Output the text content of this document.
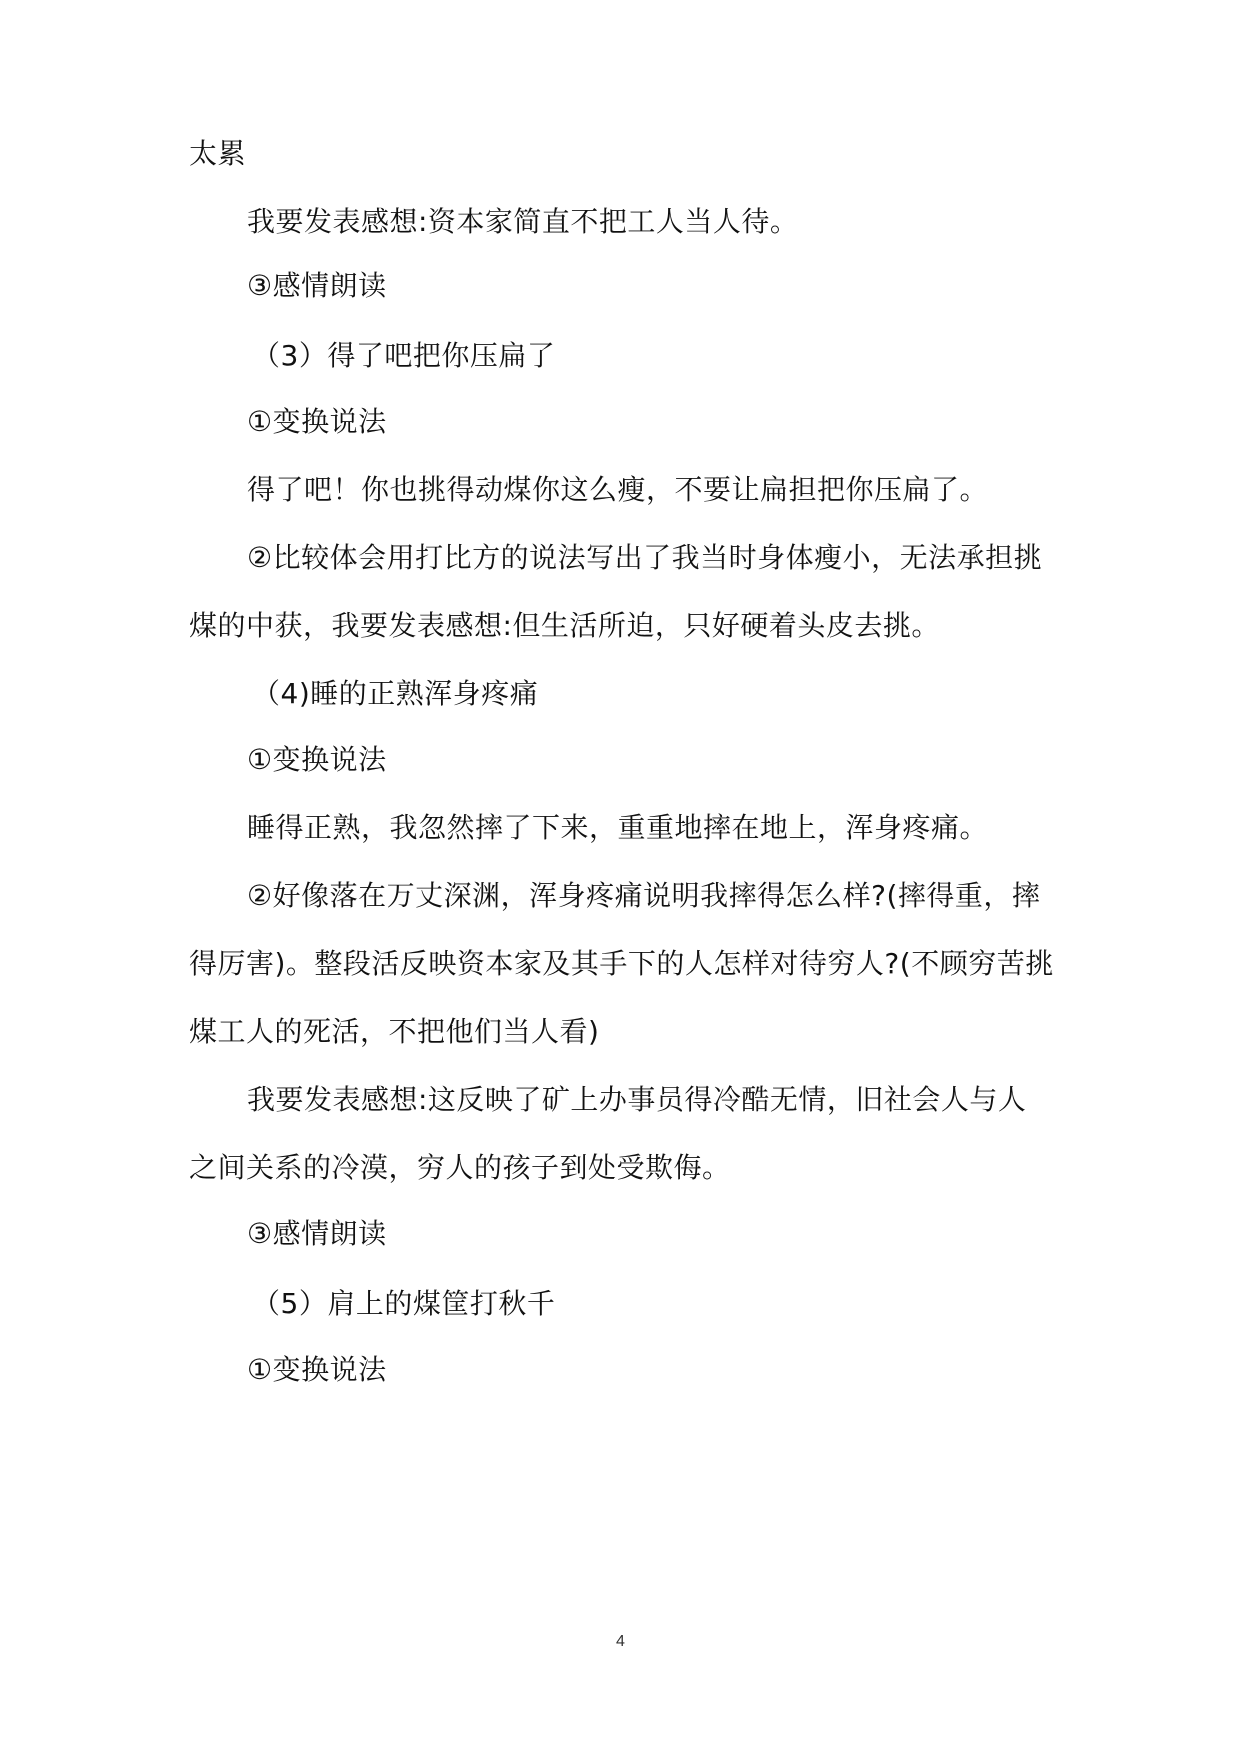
太累
我要发表感想:资本家简直不把工人当人待。
③感情朗读
（3）得了吧把你压扁了
①变换说法
得了吧！你也挑得动煤你这么瘦，不要让扁担把你压扁了。
②比较体会用打比方的说法写出了我当时身体瘦小，无法承担挑
煤的中获，我要发表感想:但生活所迫，只好硬着头皮去挑。
（4)睡的正熟浑身疼痛
①变换说法
睡得正熟，我忽然摔了下来，重重地摔在地上，浑身疼痛。
②好像落在万丈深渊，浑身疼痛说明我摔得怎么样?(摔得重，摔
得厉害)。整段活反映资本家及其手下的人怎样对待穷人?(不顾穷苦挑
煤工人的死活，不把他们当人看)
我要发表感想:这反映了矿上办事员得冷酷无情，旧社会人与人
之间关系的冷漠，穷人的孩子到处受欺侮。
③感情朗读
（5）肩上的煤筐打秋千
①变换说法
4
